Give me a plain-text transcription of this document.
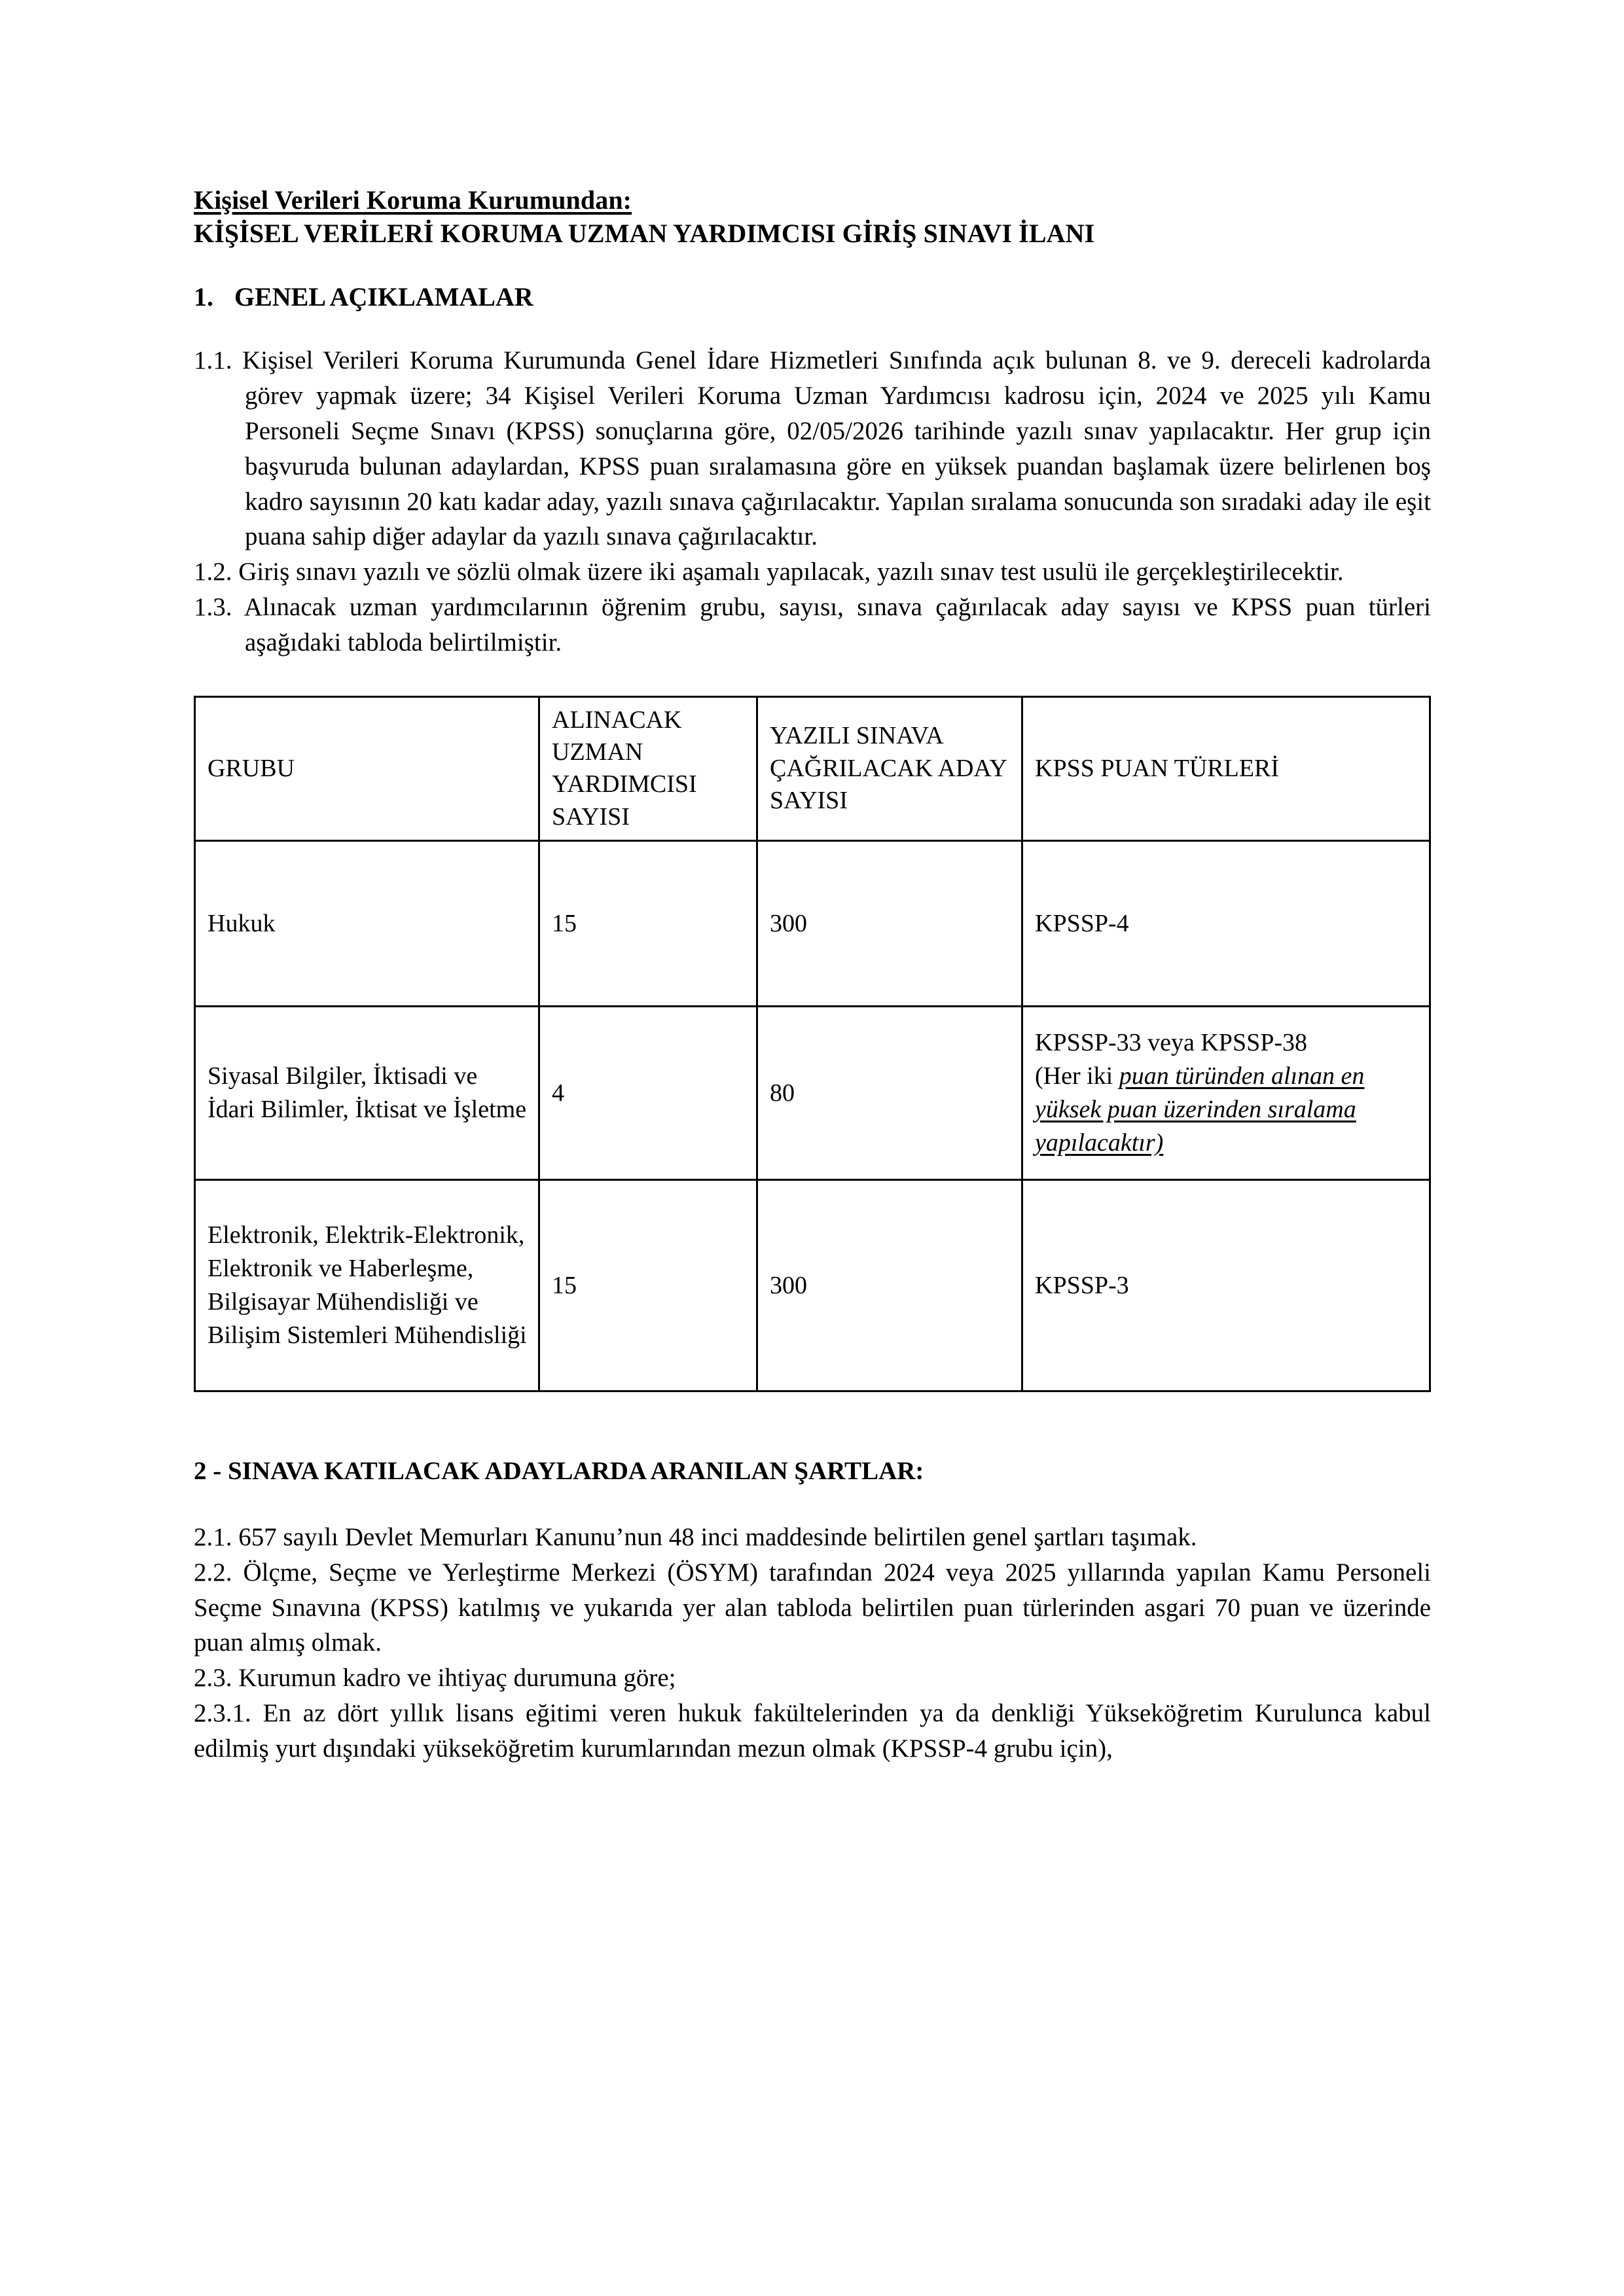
Kişisel Verileri Koruma Kurumundan:
KİŞİSEL VERİLERİ KORUMA UZMAN YARDIMCISI GİRİŞ SINAVI İLANI
1. GENEL AÇIKLAMALAR

1.1. Kişisel Verileri Koruma Kurumunda Genel İdare Hizmetleri Sınıfında açık bulunan 8. ve 9. dereceli kadrolarda görev yapmak üzere; 34 Kişisel Verileri Koruma Uzman Yardımcısı kadrosu için, 2024 ve 2025 yılı Kamu Personeli Seçme Sınavı (KPSS) sonuçlarına göre, 02/05/2026 tarihinde yazılı sınav yapılacaktır. Her grup için başvuruda bulunan adaylardan, KPSS puan sıralamasına göre en yüksek puandan başlamak üzere belirlenen boş kadro sayısının 20 katı kadar aday, yazılı sınava çağırılacaktır. Yapılan sıralama sonucunda son sıradaki aday ile eşit puana sahip diğer adaylar da yazılı sınava çağırılacaktır.

1.2. Giriş sınavı yazılı ve sözlü olmak üzere iki aşamalı yapılacak, yazılı sınav test usulü ile gerçekleştirilecektir.

1.3. Alınacak uzman yardımcılarının öğrenim grubu, sayısı, sınava çağırılacak aday sayısı ve KPSS puan türleri aşağıdaki tabloda belirtilmiştir.

GRUBU	ALINACAK UZMAN YARDIMCISI SAYISI	YAZILI SINAVA ÇAĞRILACAK ADAY SAYISI	KPSS PUAN TÜRLERİ
Hukuk	15	300	KPSSP-4
Siyasal Bilgiler, İktisadi ve İdari Bilimler, İktisat ve İşletme	4	80	KPSSP-33 veya KPSSP-38
(Her iki puan türünden alınan en yüksek puan üzerinden sıralama yapılacaktır)
Elektronik, Elektrik-Elektronik, Elektronik ve Haberleşme, Bilgisayar Mühendisliği ve Bilişim Sistemleri Mühendisliği	15	300	KPSSP-3
2 - SINAVA KATILACAK ADAYLARDA ARANILAN ŞARTLAR:

2.1. 657 sayılı Devlet Memurları Kanunu’nun 48 inci maddesinde belirtilen genel şartları taşımak.

2.2. Ölçme, Seçme ve Yerleştirme Merkezi (ÖSYM) tarafından 2024 veya 2025 yıllarında yapılan Kamu Personeli Seçme Sınavına (KPSS) katılmış ve yukarıda yer alan tabloda belirtilen puan türlerinden asgari 70 puan ve üzerinde puan almış olmak.

2.3. Kurumun kadro ve ihtiyaç durumuna göre;

2.3.1. En az dört yıllık lisans eğitimi veren hukuk fakültelerinden ya da denkliği Yükseköğretim Kurulunca kabul edilmiş yurt dışındaki yükseköğretim kurumlarından mezun olmak (KPSSP-4 grubu için),
